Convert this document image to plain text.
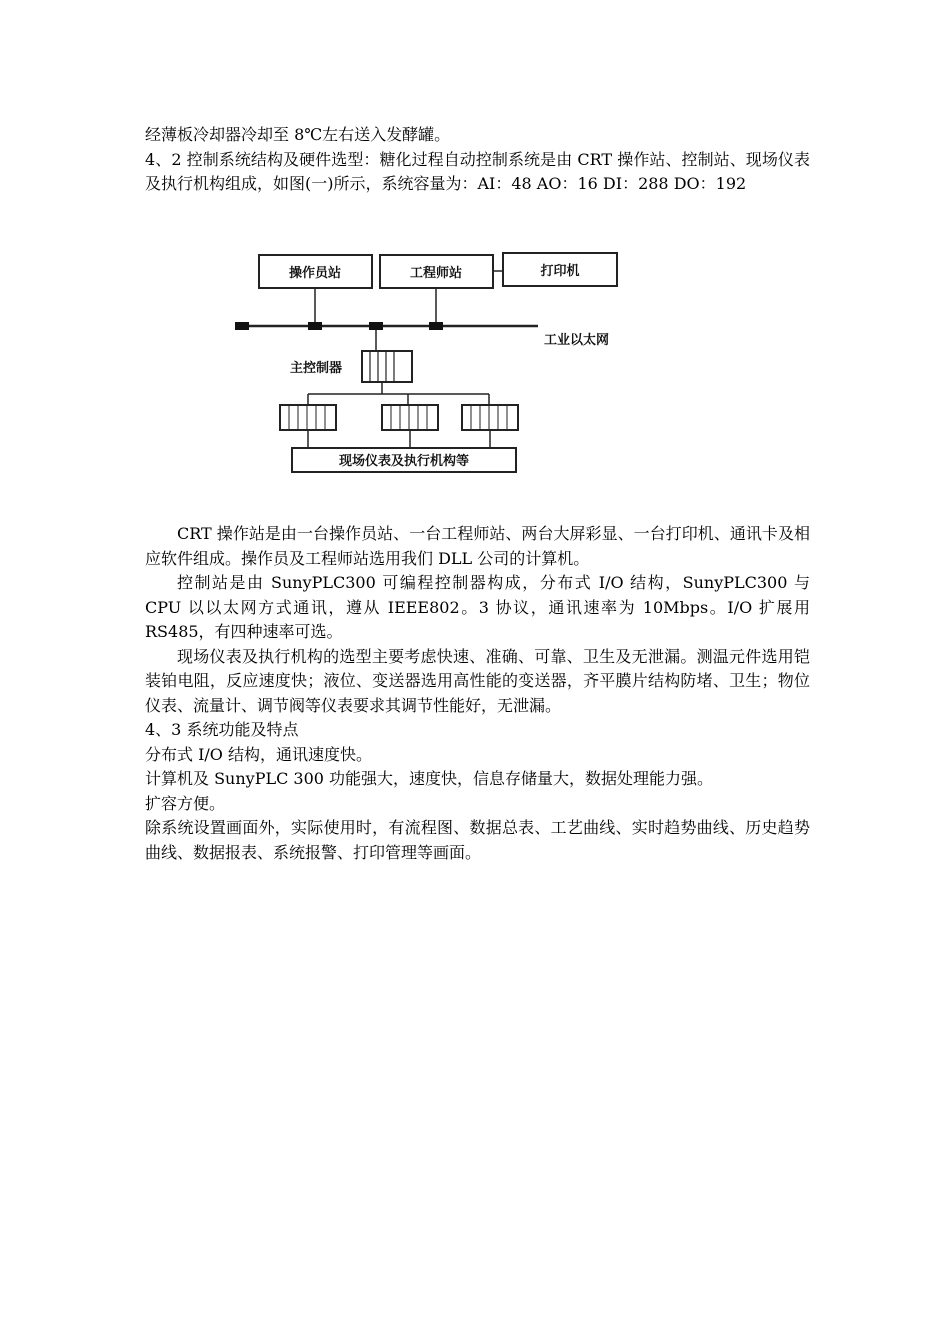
经薄板冷却器冷却至 8℃左右送入发酵罐。

4、2 控制系统结构及硬件选型：糖化过程自动控制系统是由 CRT 操作站、控制站、现场仪表及执行机构组成，如图(一)所示，系统容量为：AI：48 AO：16 DI：288 DO：192

操作员站	工程师站	打印机
工业以太网
主控制器
现场仪表及执行机构等

CRT 操作站是由一台操作员站、一台工程师站、两台大屏彩显、一台打印机、通讯卡及相应软件组成。操作员及工程师站选用我们 DLL 公司的计算机。

控制站是由 SunyPLC300 可编程控制器构成，分布式 I/O 结构，SunyPLC300 与 CPU 以以太网方式通讯，遵从 IEEE802。3 协议，通讯速率为 10Mbps。I/O 扩展用 RS485，有四种速率可选。

现场仪表及执行机构的选型主要考虑快速、准确、可靠、卫生及无泄漏。测温元件选用铠装铂电阻，反应速度快；液位、变送器选用高性能的变送器，齐平膜片结构防堵、卫生；物位仪表、流量计、调节阀等仪表要求其调节性能好，无泄漏。

4、3 系统功能及特点

分布式 I/O 结构，通讯速度快。

计算机及 SunyPLC 300 功能强大，速度快，信息存储量大，数据处理能力强。

扩容方便。

除系统设置画面外，实际使用时，有流程图、数据总表、工艺曲线、实时趋势曲线、历史趋势曲线、数据报表、系统报警、打印管理等画面。
